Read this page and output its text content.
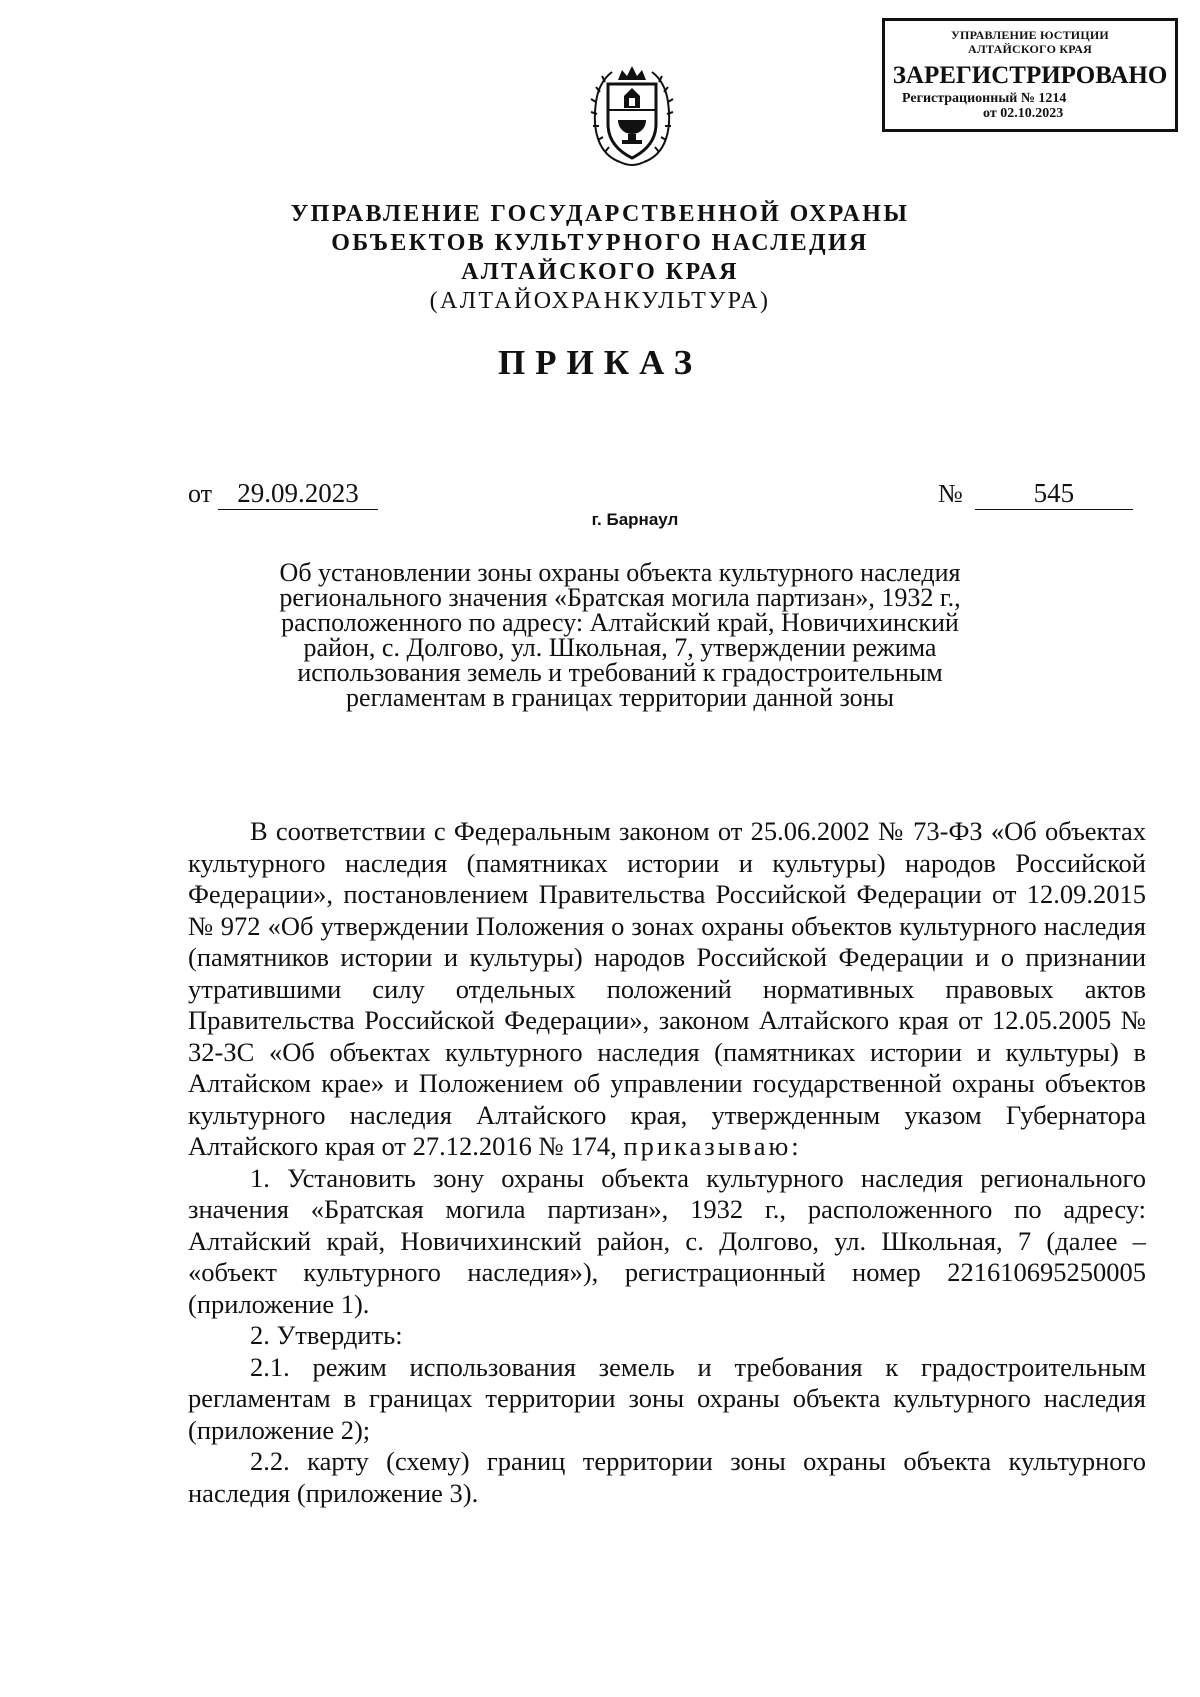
УПРАВЛЕНИЕ ЮСТИЦИИ
АЛТАЙСКОГО КРАЯ
ЗАРЕГИСТРИРОВАНО
Регистрационный № 1214
от 02.10.2023
УПРАВЛЕНИЕ ГОСУДАРСТВЕННОЙ ОХРАНЫ
ОБЪЕКТОВ КУЛЬТУРНОГО НАСЛЕДИЯ
АЛТАЙСКОГО КРАЯ
(АЛТАЙОХРАНКУЛЬТУРА)
ПРИКАЗ
от 29.09.2023	№	545
г. Барнаул
Об установлении зоны охраны объекта культурного наследия
регионального значения «Братская могила партизан», 1932 г.,
расположенного по адресу: Алтайский край, Новичихинский
район, с. Долгово, ул. Школьная, 7, утверждении режима
использования земель и требований к градостроительным
регламентам в границах территории данной зоны

В соответствии с Федеральным законом от 25.06.2002 № 73-ФЗ «Об объектах культурного наследия (памятниках истории и культуры) народов Российской Федерации», постановлением Правительства Российской Федерации от 12.09.2015 № 972 «Об утверждении Положения о зонах охраны объектов культурного наследия (памятников истории и культуры) народов Российской Федерации и о признании утратившими силу отдельных положений нормативных правовых актов Правительства Российской Федерации», законом Алтайского края от 12.05.2005 № 32-ЗС «Об объектах культурного наследия (памятниках истории и культуры) в Алтайском крае» и Положением об управлении государственной охраны объектов культурного наследия Алтайского края, утвержденным указом Губернатора Алтайского края от 27.12.2016 № 174, приказываю:

1. Установить зону охраны объекта культурного наследия регионального значения «Братская могила партизан», 1932 г., расположенного по адресу: Алтайский край, Новичихинский район, с. Долгово, ул. Школьная, 7 (далее – «объект культурного наследия»), регистрационный номер 221610695250005 (приложение 1).

2. Утвердить:

2.1. режим использования земель и требования к градостроительным регламентам в границах территории зоны охраны объекта культурного наследия (приложение 2);

2.2. карту (схему) границ территории зоны охраны объекта культурного наследия (приложение 3).
